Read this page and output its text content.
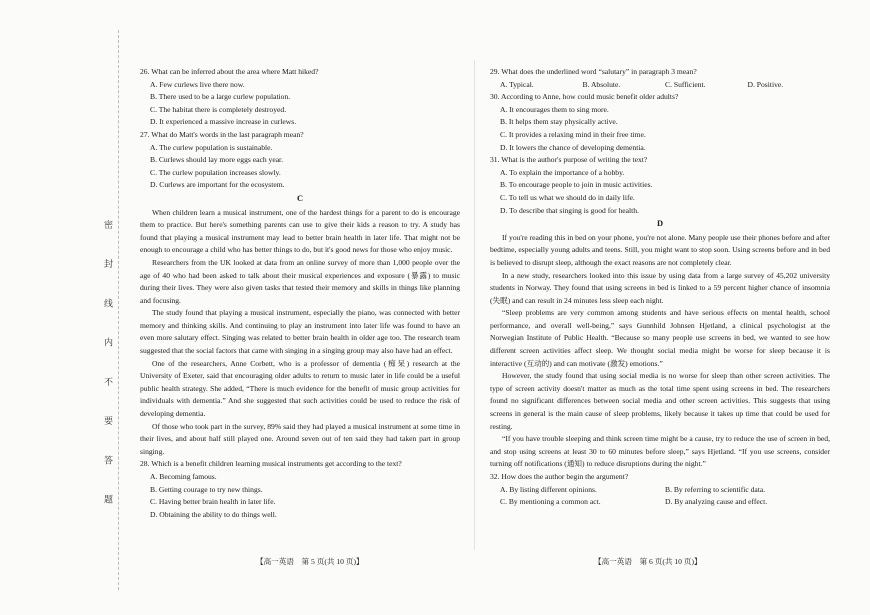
密 封 线 内 不 要 答 题

26. What can be inferred about the area where Matt hiked?

A. Few curlews live there now.

B. There used to be a large curlew population.

C. The habitat there is completely destroyed.

D. It experienced a massive increase in curlews.

27. What do Matt's words in the last paragraph mean?

A. The curlew population is sustainable.

B. Curlews should lay more eggs each year.

C. The curlew population increases slowly.

D. Curlews are important for the ecosystem.

C

When children learn a musical instrument, one of the hardest things for a parent to do is encourage them to practice. But here's something parents can use to give their kids a reason to try. A study has found that playing a musical instrument may lead to better brain health in later life. That might not be enough to encourage a child who has better things to do, but it's good news for those who enjoy music.

Researchers from the UK looked at data from an online survey of more than 1,000 people over the age of 40 who had been asked to talk about their musical experiences and exposure (暴露) to music during their lives. They were also given tasks that tested their memory and skills in things like planning and focusing.

The study found that playing a musical instrument, especially the piano, was connected with better memory and thinking skills. And continuing to play an instrument into later life was found to have an even more salutary effect. Singing was related to better brain health in older age too. The research team suggested that the social factors that came with singing in a singing group may also have had an effect.

One of the researchers, Anne Corbett, who is a professor of dementia (痴呆) research at the University of Exeter, said that encouraging older adults to return to music later in life could be a useful public health strategy. She added, “There is much evidence for the benefit of music group activities for individuals with dementia.” And she suggested that such activities could be used to reduce the risk of developing dementia.

Of those who took part in the survey, 89% said they had played a musical instrument at some time in their lives, and about half still played one. Around seven out of ten said they had taken part in group singing.

28. Which is a benefit children learning musical instruments get according to the text?

A. Becoming famous.

B. Getting courage to try new things.

C. Having better brain health in later life.

D. Obtaining the ability to do things well.

29. What does the underlined word “salutary” in paragraph 3 mean?

A. Typical.	B. Absolute.	C. Sufficient.	D. Positive.

30. According to Anne, how could music benefit older adults?

A. It encourages them to sing more.

B. It helps them stay physically active.

C. It provides a relaxing mind in their free time.

D. It lowers the chance of developing dementia.

31. What is the author's purpose of writing the text?

A. To explain the importance of a hobby.

B. To encourage people to join in music activities.

C. To tell us what we should do in daily life.

D. To describe that singing is good for health.

D

If you're reading this in bed on your phone, you're not alone. Many people use their phones before and after bedtime, especially young adults and teens. Still, you might want to stop soon. Using screens before and in bed is believed to disrupt sleep, although the exact reasons are not completely clear.

In a new study, researchers looked into this issue by using data from a large survey of 45,202 university students in Norway. They found that using screens in bed is linked to a 59 percent higher chance of insomnia (失眠) and can result in 24 minutes less sleep each night.

“Sleep problems are very common among students and have serious effects on mental health, school performance, and overall well-being,” says Gunnhild Johnsen Hjetland, a clinical psychologist at the Norwegian Institute of Public Health. “Because so many people use screens in bed, we wanted to see how different screen activities affect sleep. We thought social media might be worse for sleep because it is interactive (互动的) and can motivate (激发) emotions.”

However, the study found that using social media is no worse for sleep than other screen activities. The type of screen activity doesn't matter as much as the total time spent using screens in bed. The researchers found no significant differences between social media and other screen activities. This suggests that using screens in general is the main cause of sleep problems, likely because it takes up time that could be used for resting.

“If you have trouble sleeping and think screen time might be a cause, try to reduce the use of screen in bed, and stop using screens at least 30 to 60 minutes before sleep,” says Hjetland. “If you use screens, consider turning off notifications (通知) to reduce disruptions during the night.”

32. How does the author begin the argument?

A. By listing different opinions.	B. By referring to scientific data.
C. By mentioning a common act.	D. By analyzing cause and effect.
【高一英语　第 5 页(共 10 页)】	【高一英语　第 6 页(共 10 页)】
